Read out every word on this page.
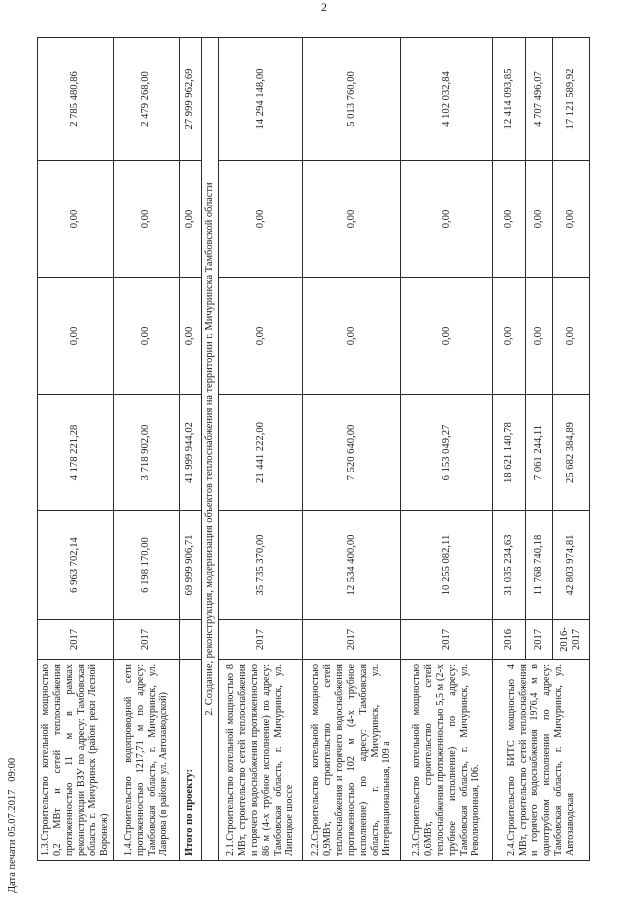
2
1.3.Строительство котельной мощностью 0,2 МВт и сетей теплоснабжения протяженностью 11 м в рамках реконструкции ВЗУ по адресу: Тамбовская область г. Мичуринск (район реки Лесной Воронеж)	2017	6 963 702,14	4 178 221,28	0,00	0,00	2 785 480,86
1.4.Строительство водопроводной сети протяженностью 1217,71 м по адресу: Тамбовская область, г. Мичуринск, ул. Лаврова (в районе ул. Автозаводской)	2017	6 198 170,00	3 718 902,00	0,00	0,00	2 479 268,00
Итого по проекту:		69 999 906,71	41 999 944,02	0,00	0,00	27 999 962,69
2. Создание, реконструкция, модернизация объектов теплоснабжения на территории г. Мичуринска Тамбовской области						
2.1.Строительство котельной мощностью 8 МВт, строительство сетей теплоснабжения и горячего водоснабжения протяженностью 86 м (4-х трубное исполнение) по адресу: Тамбовская область, г. Мичуринск, ул. Липецкое шоссе	2017	35 735 370,00	21 441 222,00	0,00	0,00	14 294 148,00
2.2.Строительство котельной мощностью 0,9МВт, строительство сетей теплоснабжения и горячего водоснабжения протяженностью 102 м (4-х трубное исполнение) по адресу: Тамбовская область, г. Мичуринск, ул. Интернациональная, 109 а	2017	12 534 400,00	7 520 640,00	0,00	0,00	5 013 760,00
2.3.Строительство котельной мощностью 0,6МВт, строительство сетей теплоснабжения протяженностью 5,5 м (2-х трубное исполнение) по адресу: Тамбовская область, г. Мичуринск, ул. Революционная, 106.	2017	10 255 082,11	6 153 049,27	0,00	0,00	4 102 032,84
2.4.Строительство БИТС мощностью 4 МВт, строительство сетей теплоснабжения и горячего водоснабжения 1976,4 м в однотрубном исполнении по адресу: Тамбовская область, г. Мичуринск, ул. Автозаводская	2016	31 035 234,63	18 621 140,78	0,00	0,00	12 414 093,85
	2017	11 768 740,18	7 061 244,11	0,00	0,00	4 707 496,07
	2016-2017	42 803 974,81	25 682 384,89	0,00	0,00	17 121 589,92
Дата печати 05.07.2017   09:00
